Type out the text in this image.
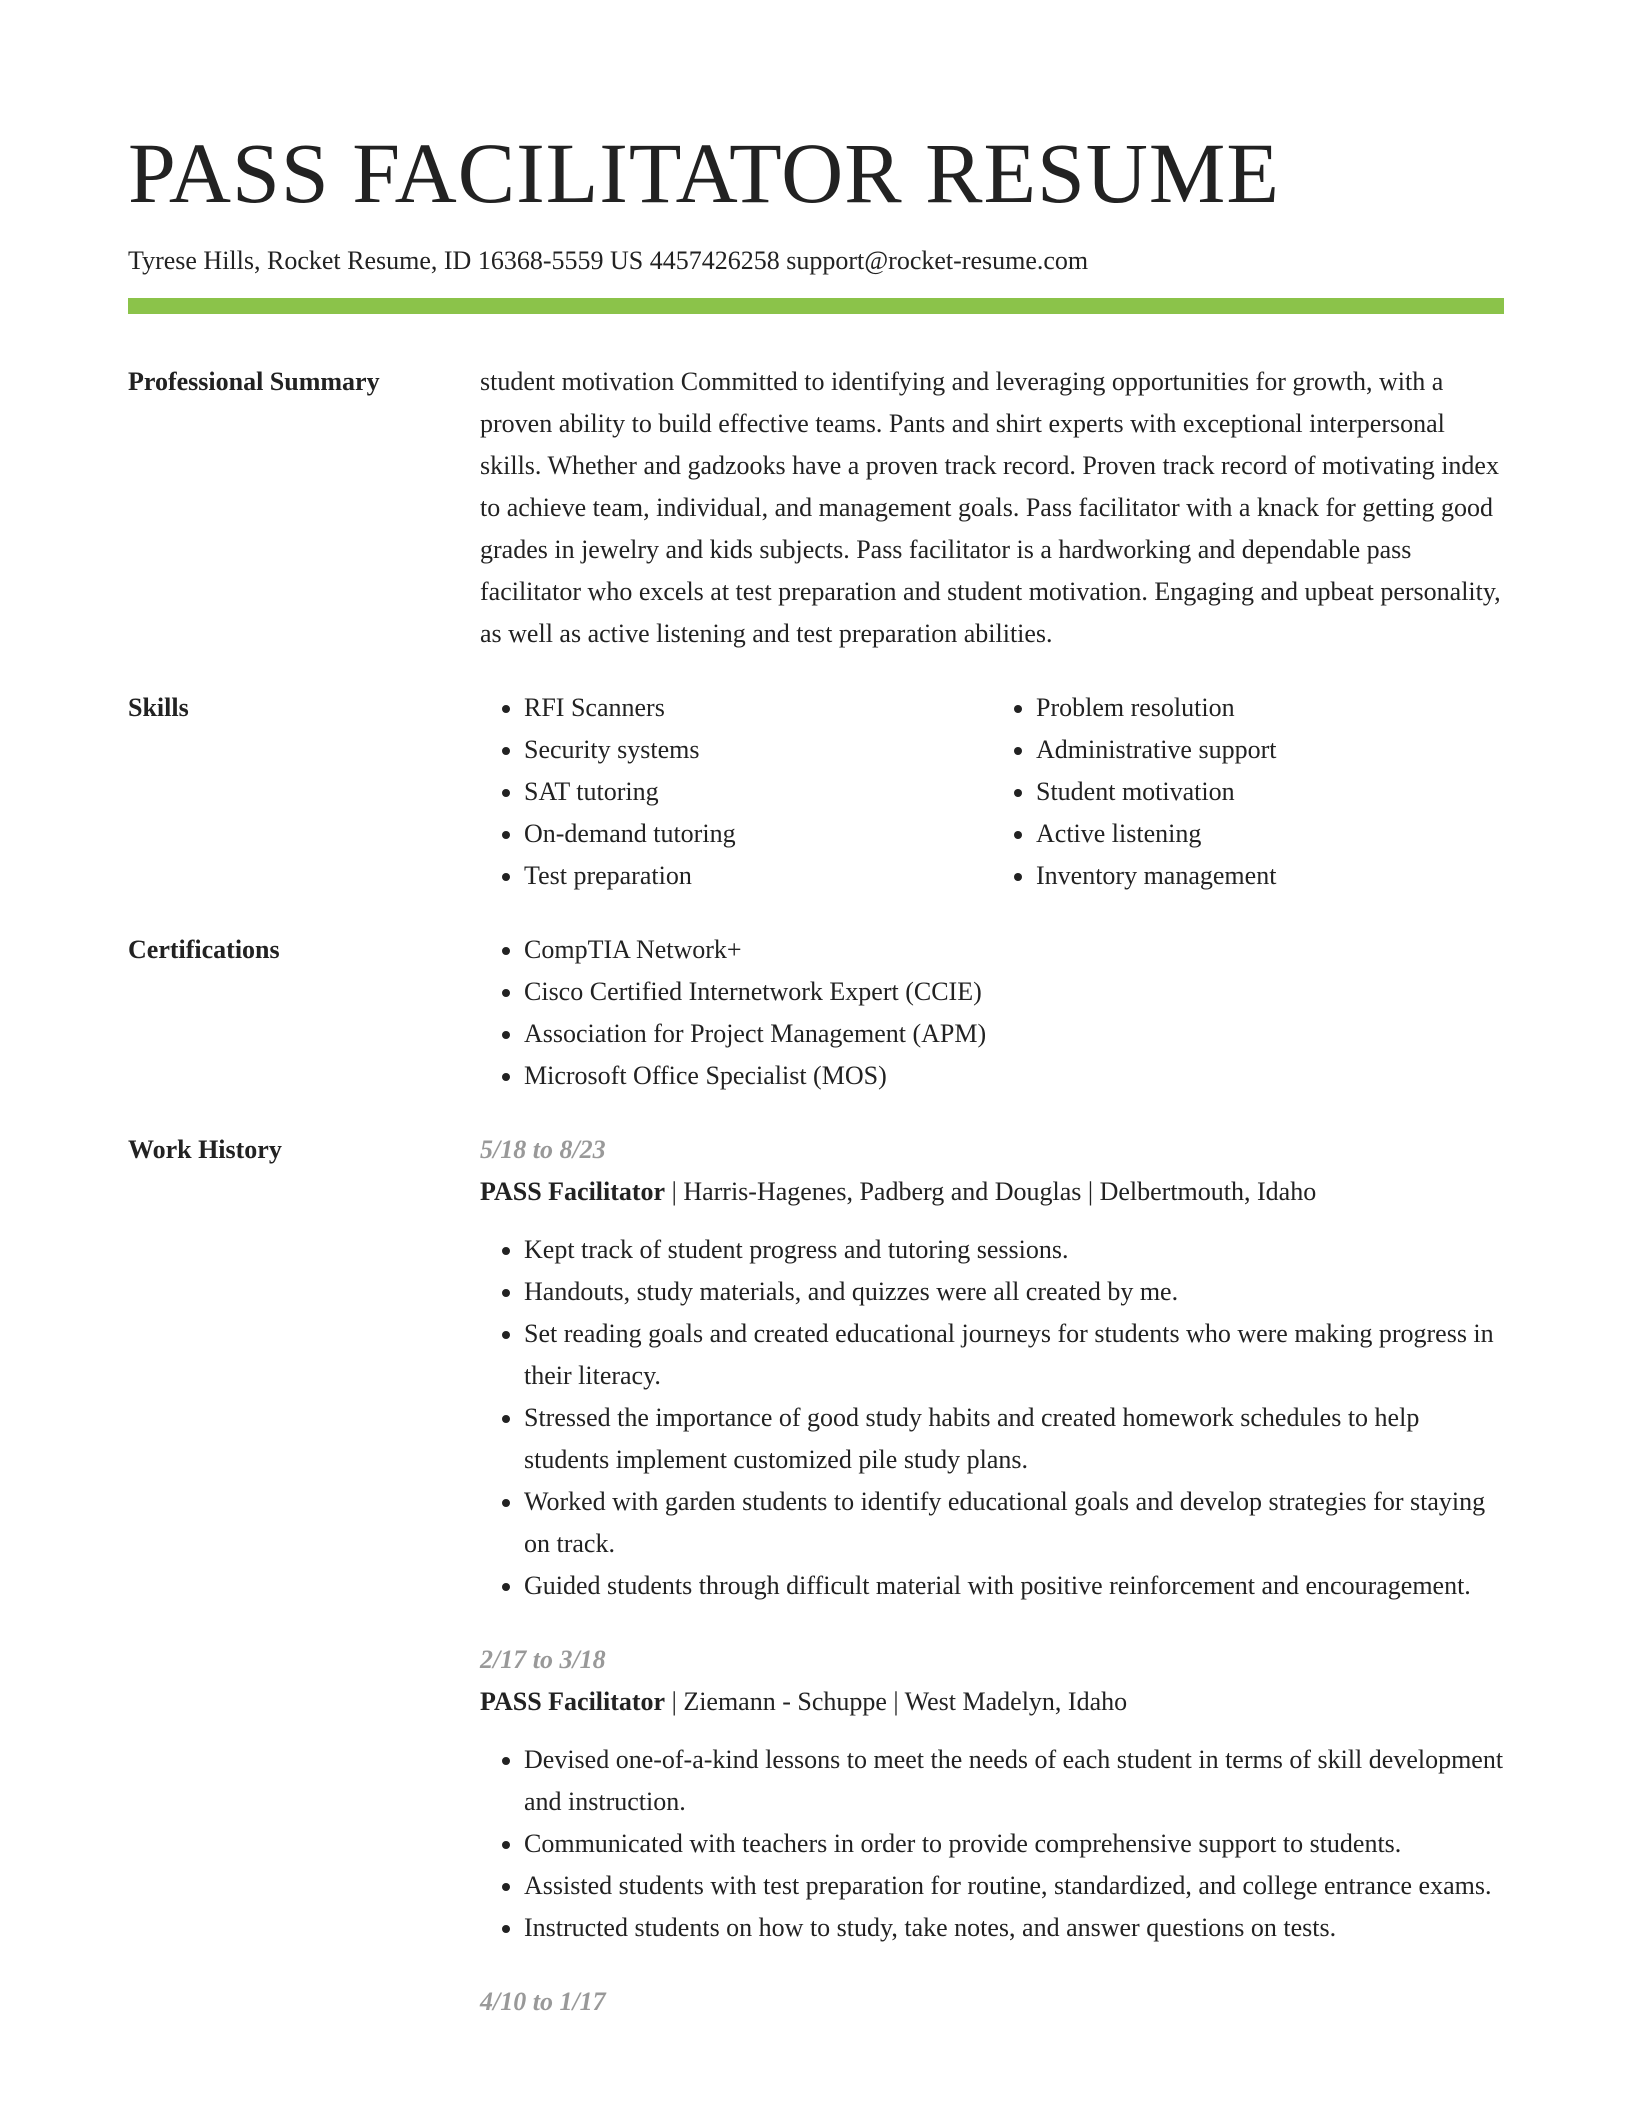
PASS FACILITATOR RESUME
Tyrese Hills, Rocket Resume, ID 16368-5559 US 4457426258 support@rocket-resume.com
Professional Summary	student motivation Committed to identifying and leveraging opportunities for growth, with a proven ability to build effective teams. Pants and shirt experts with exceptional interpersonal skills. Whether and gadzooks have a proven track record. Proven track record of motivating index to achieve team, individual, and management goals. Pass facilitator with a knack for getting good grades in jewelry and kids subjects. Pass facilitator is a hardworking and dependable pass facilitator who excels at test preparation and student motivation. Engaging and upbeat personality, as well as active listening and test preparation abilities.

Skills	• RFI Scanners
• Security systems
• SAT tutoring
• On-demand tutoring
• Test preparation
• Problem resolution
• Administrative support
• Student motivation
• Active listening
• Inventory management
Certifications	• CompTIA Network+
• Cisco Certified Internetwork Expert (CCIE)
• Association for Project Management (APM)
• Microsoft Office Specialist (MOS)
Work History	5/18 to 8/23
PASS Facilitator | Harris-Hagenes, Padberg and Douglas | Delbertmouth, Idaho
• Kept track of student progress and tutoring sessions.
• Handouts, study materials, and quizzes were all created by me.
• Set reading goals and created educational journeys for students who were making progress in their literacy.
• Stressed the importance of good study habits and created homework schedules to help students implement customized pile study plans.
• Worked with garden students to identify educational goals and develop strategies for staying on track.
• Guided students through difficult material with positive reinforcement and encouragement.
2/17 to 3/18
PASS Facilitator | Ziemann - Schuppe | West Madelyn, Idaho
• Devised one-of-a-kind lessons to meet the needs of each student in terms of skill development and instruction.
• Communicated with teachers in order to provide comprehensive support to students.
• Assisted students with test preparation for routine, standardized, and college entrance exams.
• Instructed students on how to study, take notes, and answer questions on tests.
4/10 to 1/17
